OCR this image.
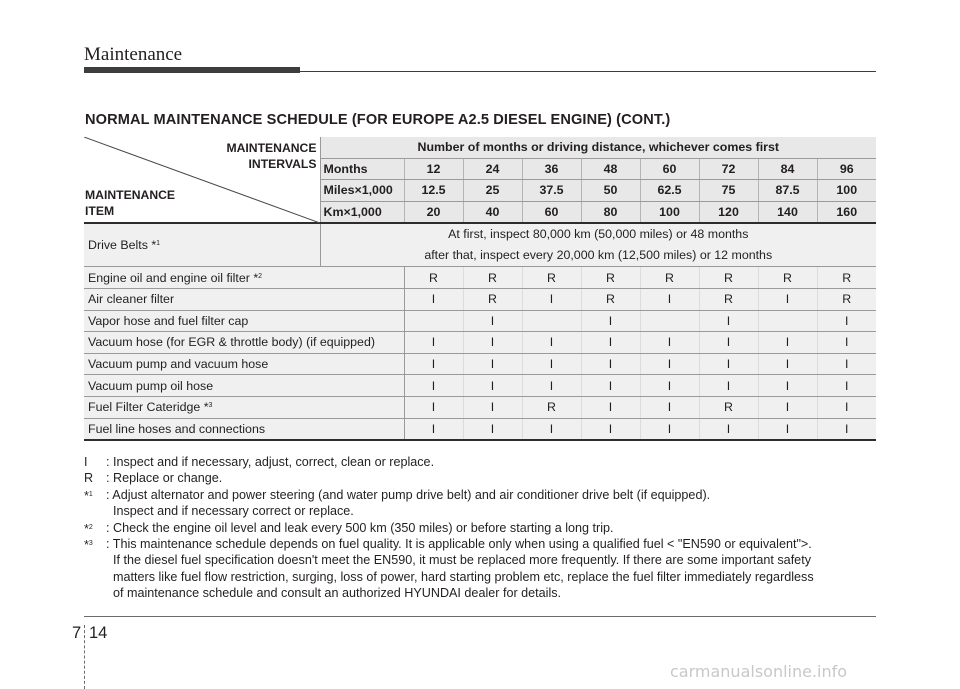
Maintenance
NORMAL MAINTENANCE SCHEDULE (FOR EUROPE A2.5 DIESEL ENGINE) (CONT.)
MAINTENANCE
INTERVALS
MAINTENANCE
ITEM	Number of months or driving distance, whichever comes first								
	Months	12	24	36	48	60	72	84	96
	Miles×1,000	12.5	25	37.5	50	62.5	75	87.5	100
	Km×1,000	20	40	60	80	100	120	140	160
Drive Belts *$^1$	At first, inspect 80,000 km (50,000 miles) or 48 months
after that, inspect every 20,000 km (12,500 miles) or 12 months								

Engine oil and engine oil filter *$^2$		R	R	R	R	R	R	R	R
Air cleaner filter		I	R	I	R	I	R	I	R
Vapor hose and fuel filter cap			I		I		I		I
Vacuum hose (for EGR & throttle body) (if equipped)		I	I	I	I	I	I	I	I
Vacuum pump and vacuum hose		I	I	I	I	I	I	I	I
Vacuum pump oil hose		I	I	I	I	I	I	I	I
Fuel Filter Cateridge *$^3$		I	I	R	I	I	R	I	I
Fuel line hoses and connections		I	I	I	I	I	I	I	I
I : Inspect and if necessary, adjust, correct, clean or replace.
R : Replace or change.
*$^1$ : Adjust alternator and power steering (and water pump drive belt) and air conditioner drive belt (if equipped).
Inspect and if necessary correct or replace.
*$^2$ : Check the engine oil level and leak every 500 km (350 miles) or before starting a long trip.
*$^3$ : This maintenance schedule depends on fuel quality. It is applicable only when using a qualified fuel < "EN590 or equivalent">.
If the diesel fuel specification doesn't meet the EN590, it must be replaced more frequently. If there are some important safety
matters like fuel flow restriction, surging, loss of power, hard starting problem etc, replace the fuel filter immediately regardless
of maintenance schedule and consult an authorized HYUNDAI dealer for details.
7 14
carmanualsonline.info
